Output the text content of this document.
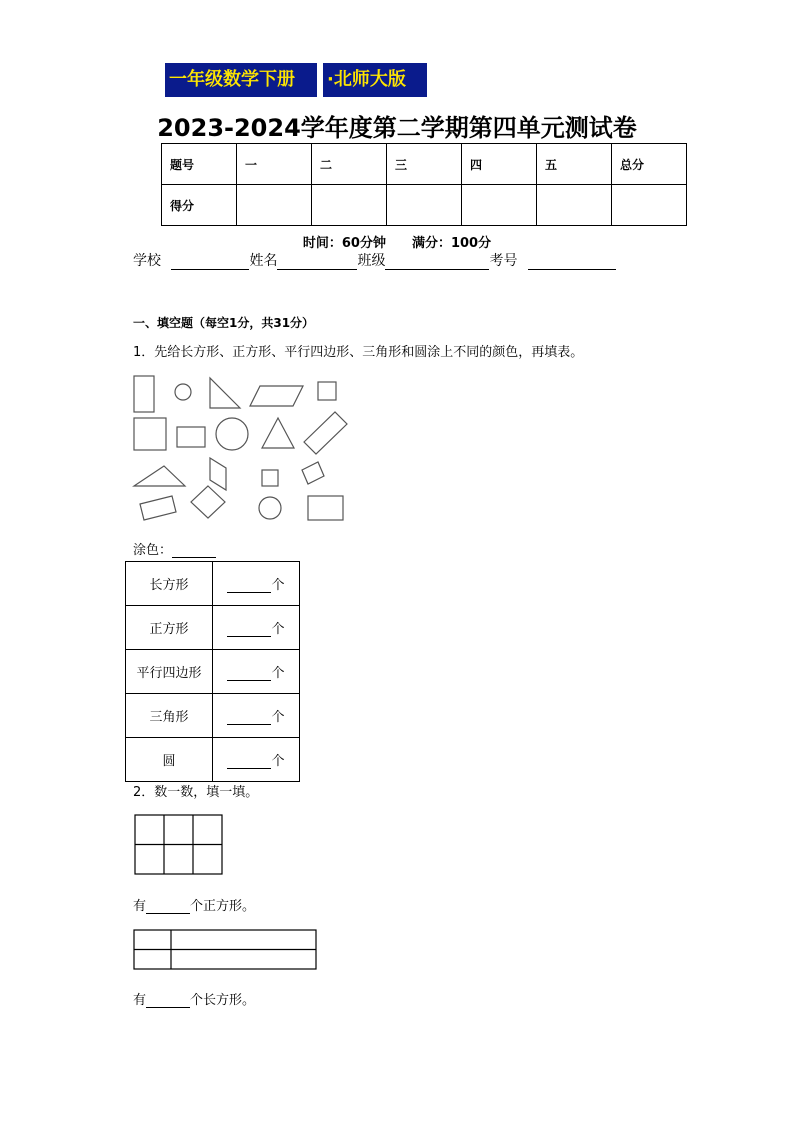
一年级数学下册	·北师大版
2023-2024学年度第二学期第四单元测试卷
题号	一	二	三	四	五	总分
得分						
时间：60分钟　　满分：100分
学校	姓名	班级	考号
一、填空题（每空1分，共31分）
1．先给长方形、正方形、平行四边形、三角形和圆涂上不同的颜色，再填表。
涂色：
长方形	个
正方形	个
平行四边形	个
三角形	个
圆	个
2．数一数，填一填。
有	个正方形。
有	个长方形。
